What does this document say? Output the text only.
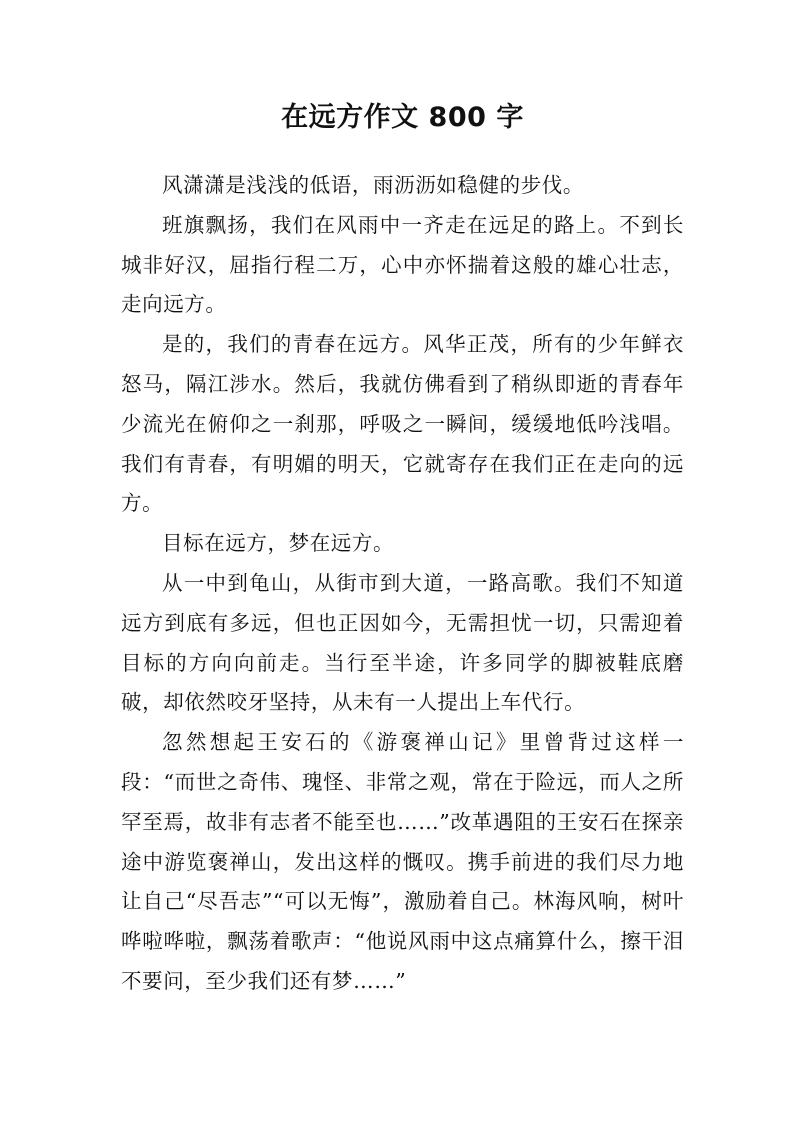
在远方作文 800 字

风潇潇是浅浅的低语，雨沥沥如稳健的步伐。

班旗飘扬，我们在风雨中一齐走在远足的路上。不到长城非好汉，屈指行程二万，心中亦怀揣着这般的雄心壮志，走向远方。

是的，我们的青春在远方。风华正茂，所有的少年鲜衣怒马，隔江涉水。然后，我就仿佛看到了稍纵即逝的青春年少流光在俯仰之一刹那，呼吸之一瞬间，缓缓地低吟浅唱。我们有青春，有明媚的明天，它就寄存在我们正在走向的远方。

目标在远方，梦在远方。

从一中到龟山，从街市到大道，一路高歌。我们不知道远方到底有多远，但也正因如今，无需担忧一切，只需迎着目标的方向向前走。当行至半途，许多同学的脚被鞋底磨破，却依然咬牙坚持，从未有一人提出上车代行。

忽然想起王安石的《游褒禅山记》里曾背过这样一段：“而世之奇伟、瑰怪、非常之观，常在于险远，而人之所罕至焉，故非有志者不能至也……”改革遇阻的王安石在探亲途中游览褒禅山，发出这样的慨叹。携手前进的我们尽力地让自己“尽吾志”“可以无悔”，激励着自己。林海风响，树叶哗啦哗啦，飘荡着歌声：“他说风雨中这点痛算什么，擦干泪不要问，至少我们还有梦……”
